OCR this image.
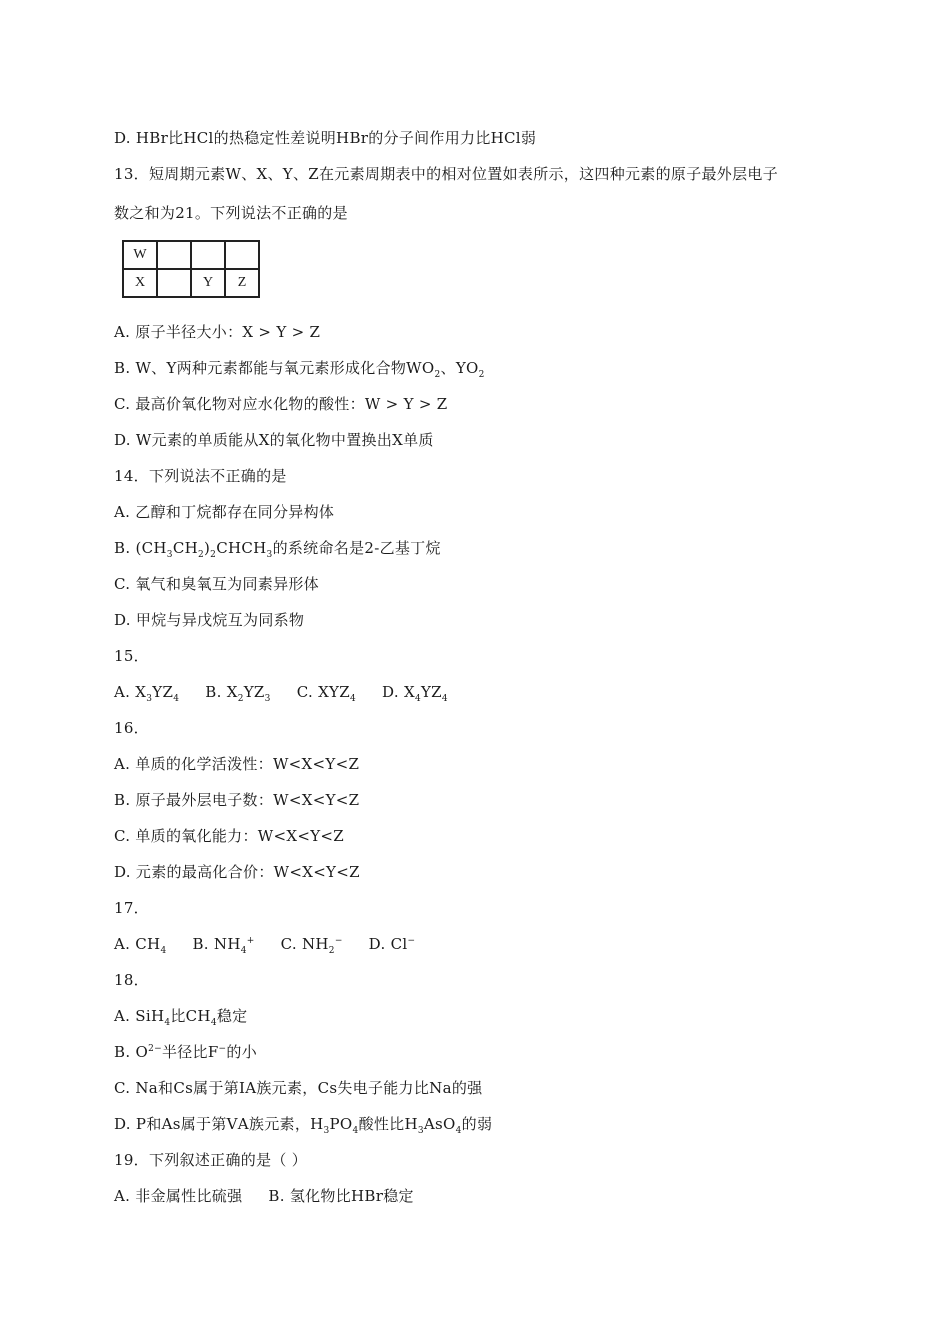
D. HBr比HCl的热稳定性差说明HBr的分子间作用力比HCl弱
13．短周期元素W、X、Y、Z在元素周期表中的相对位置如表所示，这四种元素的原子最外层电子
数之和为21。下列说法不正确的是
W			
X		Y	Z
A. 原子半径大小：X > Y > Z
B. W、Y两种元素都能与氧元素形成化合物$WO_2$、$YO_2$
C. 最高价氧化物对应水化物的酸性：W > Y > Z
D. W元素的单质能从X的氧化物中置换出X单质
14．下列说法不正确的是
A. 乙醇和丁烷都存在同分异构体
B. $(CH_3CH_2)_2CHCH_3$的系统命名是2-乙基丁烷
C. 氧气和臭氧互为同素异形体
D. 甲烷与异戊烷互为同系物
15．
A. $X_3YZ_4$ B. $X_2YZ_3$ C. $XYZ_4$ D. $X_4YZ_4$
16．
A. 单质的化学活泼性：W<X<Y<Z
B. 原子最外层电子数：W<X<Y<Z
C. 单质的氧化能力：W<X<Y<Z
D. 元素的最高化合价：W<X<Y<Z
17．
A. $CH_4$ B. $NH_4^+$ C. $NH_2^-$ D. Cl−
18．
A. SiH$_4$比$CH_4$稳定
B. $O^{2-}$半径比F−的小
C. Na和Cs属于第ⅠA族元素，Cs失电子能力比Na的强
D. P和As属于第ⅤA族元素，$H_3PO_4$酸性比$H_3AsO_4$的弱
19．下列叙述正确的是（ ）
A. 非金属性比硫强 B. 氢化物比HBr稳定
